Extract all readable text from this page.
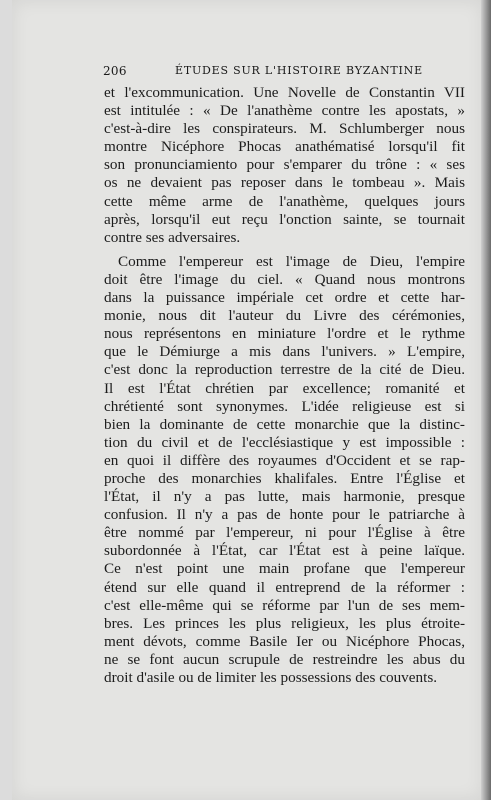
206	ÉTUDES SUR L'HISTOIRE BYZANTINE
et l'excommunication. Une Novelle de Constantin VII
est intitulée : « De l'anathème contre les apostats, »
c'est-à-dire les conspirateurs. M. Schlumberger nous
montre Nicéphore Phocas anathématisé lorsqu'il fit
son pronunciamiento pour s'emparer du trône : « ses
os ne devaient pas reposer dans le tombeau ». Mais
cette même arme de l'anathème, quelques jours
après, lorsqu'il eut reçu l'onction sainte, se tournait
contre ses adversaires.
Comme l'empereur est l'image de Dieu, l'empire
doit être l'image du ciel. « Quand nous montrons
dans la puissance impériale cet ordre et cette har-
monie, nous dit l'auteur du Livre des cérémonies,
nous représentons en miniature l'ordre et le rythme
que le Démiurge a mis dans l'univers. » L'empire,
c'est donc la reproduction terrestre de la cité de Dieu.
Il est l'État chrétien par excellence; romanité et
chrétienté sont synonymes. L'idée religieuse est si
bien la dominante de cette monarchie que la distinc-
tion du civil et de l'ecclésiastique y est impossible :
en quoi il diffère des royaumes d'Occident et se rap-
proche des monarchies khalifales. Entre l'Église et
l'État, il n'y a pas lutte, mais harmonie, presque
confusion. Il n'y a pas de honte pour le patriarche à
être nommé par l'empereur, ni pour l'Église à être
subordonnée à l'État, car l'État est à peine laïque.
Ce n'est point une main profane que l'empereur
étend sur elle quand il entreprend de la réformer :
c'est elle-même qui se réforme par l'un de ses mem-
bres. Les princes les plus religieux, les plus étroite-
ment dévots, comme Basile Ier ou Nicéphore Phocas,
ne se font aucun scrupule de restreindre les abus du
droit d'asile ou de limiter les possessions des couvents.
